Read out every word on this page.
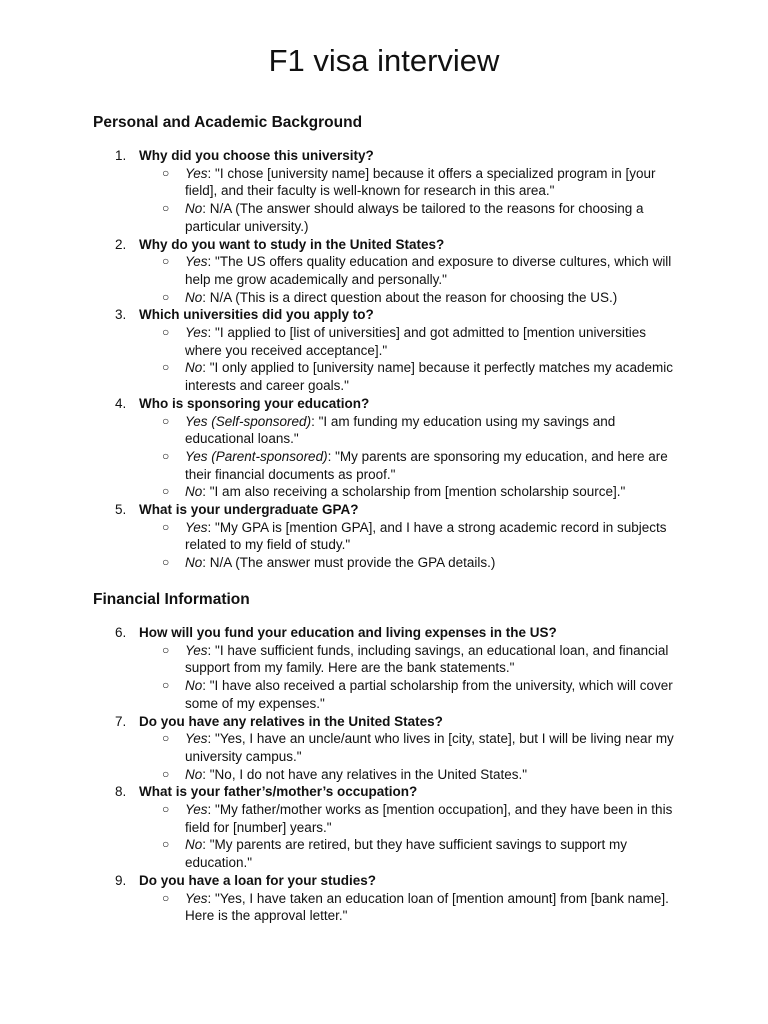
F1 visa interview
Personal and Academic Background
1. Why did you choose this university?
○ Yes: "I chose [university name] because it offers a specialized program in [your field], and their faculty is well-known for research in this area."
○ No: N/A (The answer should always be tailored to the reasons for choosing a particular university.)
2. Why do you want to study in the United States?
○ Yes: "The US offers quality education and exposure to diverse cultures, which will help me grow academically and personally."
○ No: N/A (This is a direct question about the reason for choosing the US.)
3. Which universities did you apply to?
○ Yes: "I applied to [list of universities] and got admitted to [mention universities where you received acceptance]."
○ No: "I only applied to [university name] because it perfectly matches my academic interests and career goals."
4. Who is sponsoring your education?
○ Yes (Self-sponsored): "I am funding my education using my savings and educational loans."
○ Yes (Parent-sponsored): "My parents are sponsoring my education, and here are their financial documents as proof."
○ No: "I am also receiving a scholarship from [mention scholarship source]."
5. What is your undergraduate GPA?
○ Yes: "My GPA is [mention GPA], and I have a strong academic record in subjects related to my field of study."
○ No: N/A (The answer must provide the GPA details.)
Financial Information
6. How will you fund your education and living expenses in the US?
○ Yes: "I have sufficient funds, including savings, an educational loan, and financial support from my family. Here are the bank statements."
○ No: "I have also received a partial scholarship from the university, which will cover some of my expenses."
7. Do you have any relatives in the United States?
○ Yes: "Yes, I have an uncle/aunt who lives in [city, state], but I will be living near my university campus."
○ No: "No, I do not have any relatives in the United States."
8. What is your father’s/mother’s occupation?
○ Yes: "My father/mother works as [mention occupation], and they have been in this field for [number] years."
○ No: "My parents are retired, but they have sufficient savings to support my education."
9. Do you have a loan for your studies?
○ Yes: "Yes, I have taken an education loan of [mention amount] from [bank name]. Here is the approval letter."
